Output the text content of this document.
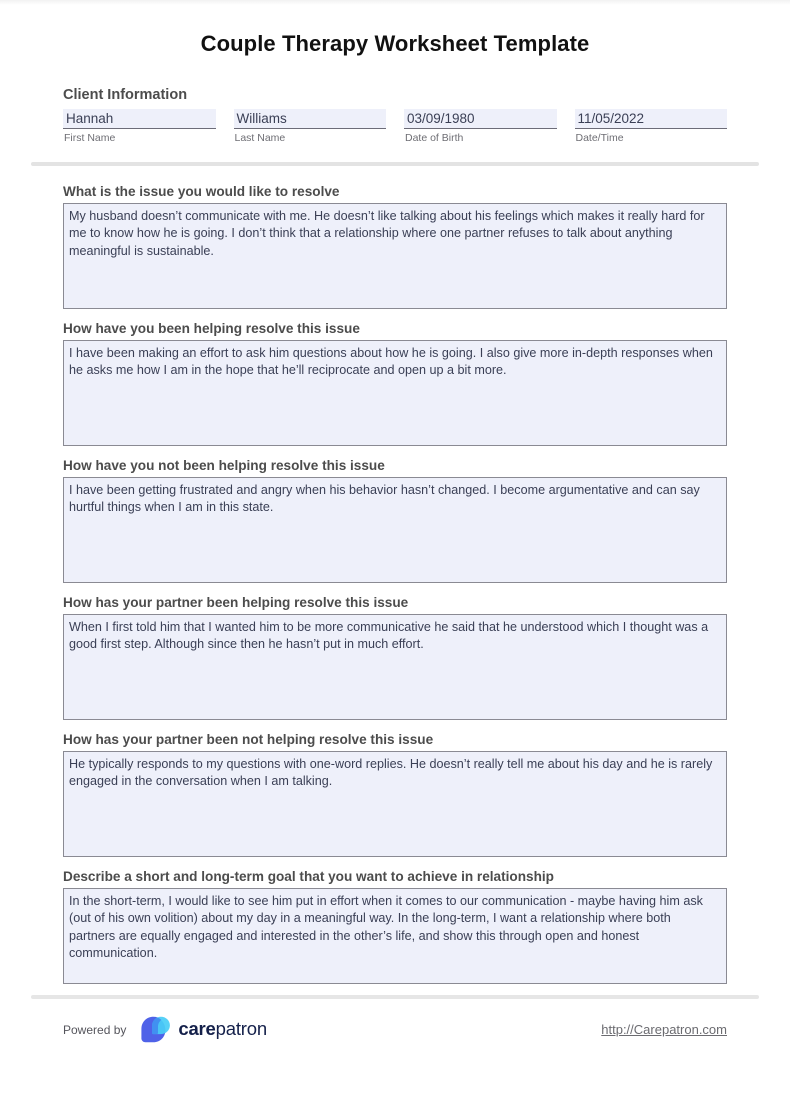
Couple Therapy Worksheet Template
Client Information
Hannah
First Name
Williams
Last Name
03/09/1980
Date of Birth
11/05/2022
Date/Time
What is the issue you would like to resolve
My husband doesn’t communicate with me. He doesn’t like talking about his feelings which makes it really hard for me to know how he is going. I don’t think that a relationship where one partner refuses to talk about anything meaningful is sustainable.
How have you been helping resolve this issue
I have been making an effort to ask him questions about how he is going. I also give more in-depth responses when he asks me how I am in the hope that he’ll reciprocate and open up a bit more.
How have you not been helping resolve this issue
I have been getting frustrated and angry when his behavior hasn’t changed. I become argumentative and can say hurtful things when I am in this state.
How has your partner been helping resolve this issue
When I first told him that I wanted him to be more communicative he said that he understood which I thought was a good first step. Although since then he hasn’t put in much effort.
How has your partner been not helping resolve this issue
He typically responds to my questions with one-word replies. He doesn’t really tell me about his day and he is rarely engaged in the conversation when I am talking.
Describe a short and long-term goal that you want to achieve in relationship
In the short-term, I would like to see him put in effort when it comes to our communication - maybe having him ask (out of his own volition) about my day in a meaningful way. In the long-term, I want a relationship where both partners are equally engaged and interested in the other’s life, and show this through open and honest communication.
Powered by	carepatron	http://Carepatron.com
